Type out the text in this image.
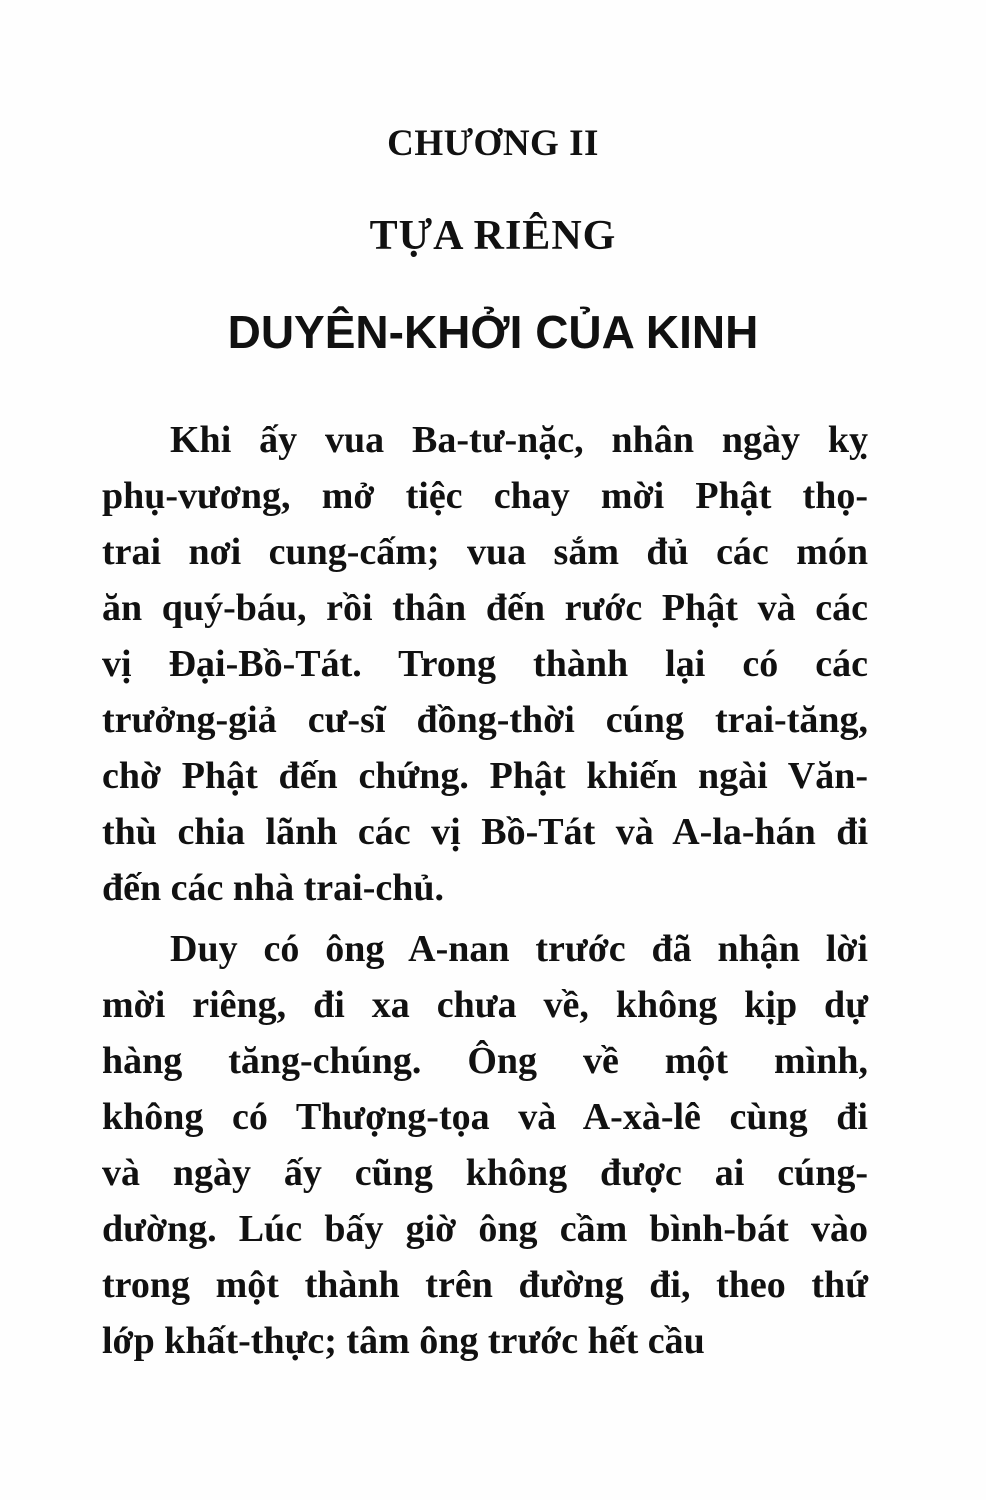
CHƯƠNG II
TỰA RIÊNG
DUYÊN-KHỞI CỦA KINH
Khi ấy vua Ba-tư-nặc, nhân ngày kỵ
phụ-vương, mở tiệc chay mời Phật thọ-
trai nơi cung-cấm; vua sắm đủ các món
ăn quý-báu, rồi thân đến rước Phật và các
vị Đại-Bồ-Tát. Trong thành lại có các
trưởng-giả cư-sĩ đồng-thời cúng trai-tăng,
chờ Phật đến chứng. Phật khiến ngài Văn-
thù chia lãnh các vị Bồ-Tát và A-la-hán đi
đến các nhà trai-chủ.
Duy có ông A-nan trước đã nhận lời
mời riêng, đi xa chưa về, không kịp dự
hàng tăng-chúng. Ông về một mình,
không có Thượng-tọa và A-xà-lê cùng đi
và ngày ấy cũng không được ai cúng-
dường. Lúc bấy giờ ông cầm bình-bát vào
trong một thành trên đường đi, theo thứ
lớp khất-thực; tâm ông trước hết cầu
